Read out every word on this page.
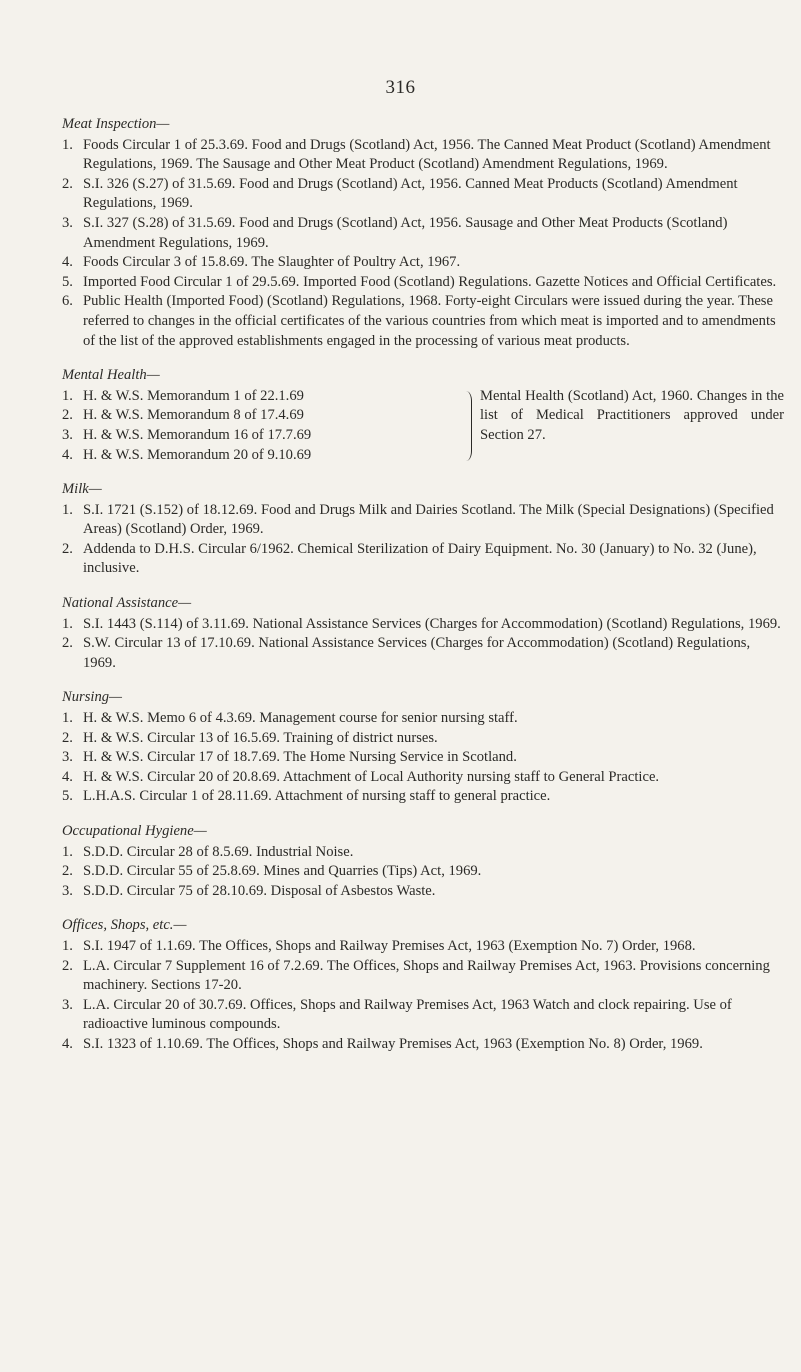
316
Meat Inspection—
1. Foods Circular 1 of 25.3.69. Food and Drugs (Scotland) Act, 1956. The Canned Meat Product (Scotland) Amendment Regulations, 1969. The Sausage and Other Meat Product (Scotland) Amendment Regulations, 1969.
2. S.I. 326 (S.27) of 31.5.69. Food and Drugs (Scotland) Act, 1956. Canned Meat Products (Scotland) Amendment Regulations, 1969.
3. S.I. 327 (S.28) of 31.5.69. Food and Drugs (Scotland) Act, 1956. Sausage and Other Meat Products (Scotland) Amendment Regulations, 1969.
4. Foods Circular 3 of 15.8.69. The Slaughter of Poultry Act, 1967.
5. Imported Food Circular 1 of 29.5.69. Imported Food (Scotland) Regulations. Gazette Notices and Official Certificates.
6. Public Health (Imported Food) (Scotland) Regulations, 1968. Forty-eight Circulars were issued during the year. These referred to changes in the official certificates of the various countries from which meat is imported and to amendments of the list of the approved establishments engaged in the processing of various meat products.
Mental Health—
1. H. & W.S. Memorandum 1 of 22.1.69
2. H. & W.S. Memorandum 8 of 17.4.69
3. H. & W.S. Memorandum 16 of 17.7.69
4. H. & W.S. Memorandum 20 of 9.10.69
Mental Health (Scotland) Act, 1960. Changes in the list of Medical Practitioners approved under Section 27.
Milk—
1. S.I. 1721 (S.152) of 18.12.69. Food and Drugs Milk and Dairies Scotland. The Milk (Special Designations) (Specified Areas) (Scotland) Order, 1969.
2. Addenda to D.H.S. Circular 6/1962. Chemical Sterilization of Dairy Equipment. No. 30 (January) to No. 32 (June), inclusive.
National Assistance—
1. S.I. 1443 (S.114) of 3.11.69. National Assistance Services (Charges for Accommodation) (Scotland) Regulations, 1969.
2. S.W. Circular 13 of 17.10.69. National Assistance Services (Charges for Accommodation) (Scotland) Regulations, 1969.
Nursing—
1. H. & W.S. Memo 6 of 4.3.69. Management course for senior nursing staff.
2. H. & W.S. Circular 13 of 16.5.69. Training of district nurses.
3. H. & W.S. Circular 17 of 18.7.69. The Home Nursing Service in Scotland.
4. H. & W.S. Circular 20 of 20.8.69. Attachment of Local Authority nursing staff to General Practice.
5. L.H.A.S. Circular 1 of 28.11.69. Attachment of nursing staff to general practice.
Occupational Hygiene—
1. S.D.D. Circular 28 of 8.5.69. Industrial Noise.
2. S.D.D. Circular 55 of 25.8.69. Mines and Quarries (Tips) Act, 1969.
3. S.D.D. Circular 75 of 28.10.69. Disposal of Asbestos Waste.
Offices, Shops, etc.—
1. S.I. 1947 of 1.1.69. The Offices, Shops and Railway Premises Act, 1963 (Exemption No. 7) Order, 1968.
2. L.A. Circular 7 Supplement 16 of 7.2.69. The Offices, Shops and Railway Premises Act, 1963. Provisions concerning machinery. Sections 17-20.
3. L.A. Circular 20 of 30.7.69. Offices, Shops and Railway Premises Act, 1963 Watch and clock repairing. Use of radioactive luminous compounds.
4. S.I. 1323 of 1.10.69. The Offices, Shops and Railway Premises Act, 1963 (Exemption No. 8) Order, 1969.
